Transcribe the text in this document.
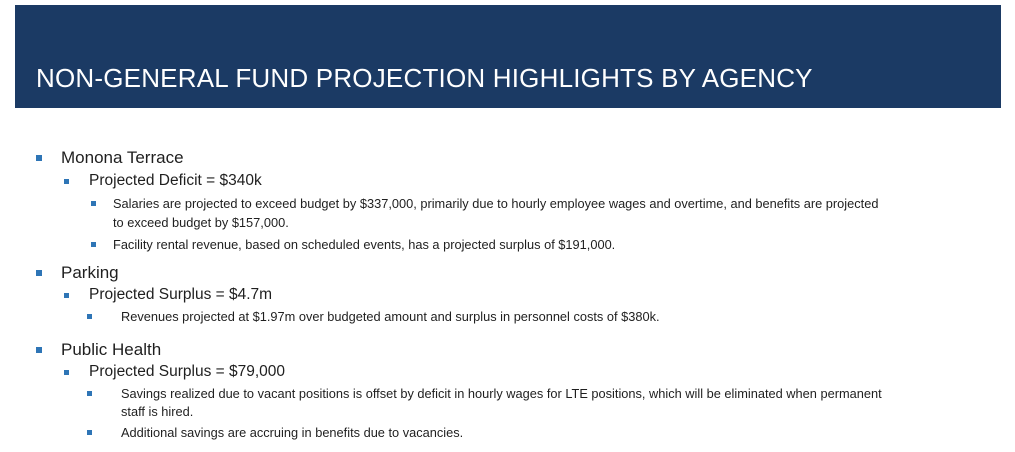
NON-GENERAL FUND PROJECTION HIGHLIGHTS BY AGENCY
Monona Terrace
Projected Deficit = $340k
Salaries are projected to exceed budget by $337,000, primarily due to hourly employee wages and overtime, and benefits are projected
to exceed budget by $157,000.
Facility rental revenue, based on scheduled events, has a projected surplus of $191,000.
Parking
Projected Surplus = $4.7m
Revenues projected at $1.97m over budgeted amount and surplus in personnel costs of $380k.
Public Health
Projected Surplus = $79,000
Savings realized due to vacant positions is offset by deficit in hourly wages for LTE positions, which will be eliminated when permanent
staff is hired.
Additional savings are accruing in benefits due to vacancies.
